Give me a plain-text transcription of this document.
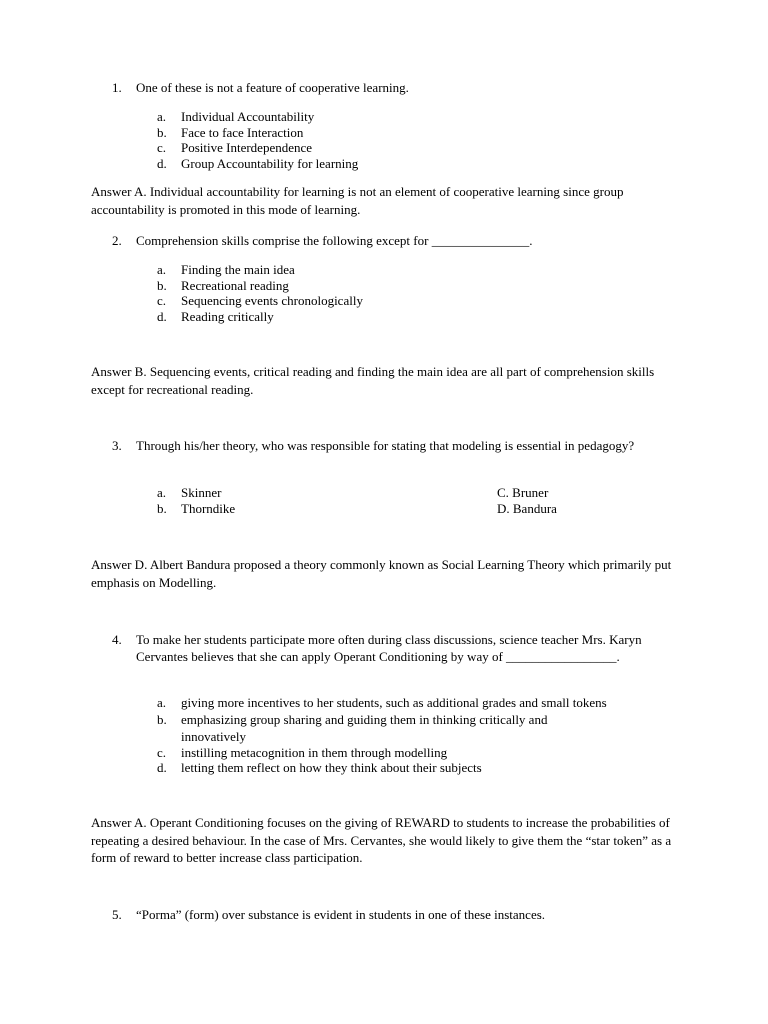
1.	One of these is not a feature of cooperative learning.
a. Individual Accountability
b. Face to face Interaction
c. Positive Interdependence
d. Group Accountability for learning
Answer A. Individual accountability for learning is not an element of cooperative learning since group accountability is promoted in this mode of learning.
2.	Comprehension skills comprise the following except for _______________.
a. Finding the main idea
b. Recreational reading
c. Sequencing events chronologically
d. Reading critically
Answer B. Sequencing events, critical reading and finding the main idea are all part of comprehension skills except for recreational reading.
3.	Through his/her theory, who was responsible for stating that modeling is essential in pedagogy?
a. Skinner	C. Bruner
b. Thorndike	D. Bandura
Answer D. Albert Bandura proposed a theory commonly known as Social Learning Theory which primarily put emphasis on Modelling.
4.	To make her students participate more often during class discussions, science teacher Mrs. Karyn Cervantes believes that she can apply Operant Conditioning by way of _________________.
a. giving more incentives to her students, such as additional grades and small tokens
b. emphasizing group sharing and guiding them in thinking critically and innovatively
c. instilling metacognition in them through modelling
d. letting them reflect on how they think about their subjects
Answer A. Operant Conditioning focuses on the giving of REWARD to students to increase the probabilities of repeating a desired behaviour. In the case of Mrs. Cervantes, she would likely to give them the “star token” as a form of reward to better increase class participation.
5.	“Porma” (form) over substance is evident in students in one of these instances.
